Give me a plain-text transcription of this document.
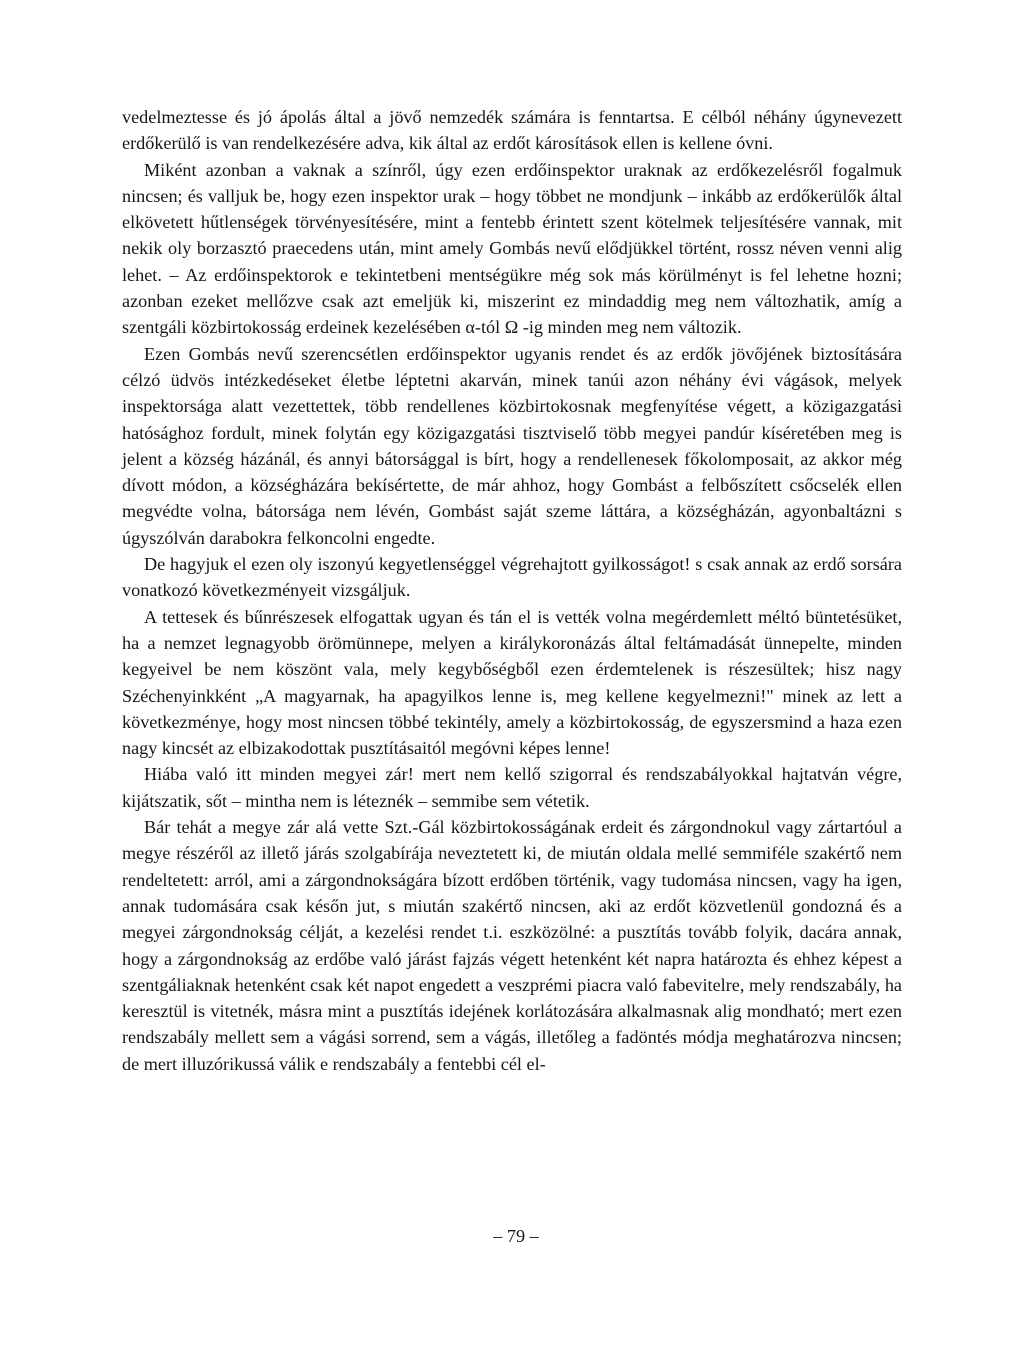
vedelmeztesse és jó ápolás által a jövő nemzedék számára is fenntartsa. E célból néhány úgynevezett erdőkerülő is van rendelkezésére adva, kik által az erdőt károsítások ellen is kellene óvni.

Miként azonban a vaknak a színről, úgy ezen erdőinspektor uraknak az erdőkezelésről fogalmuk nincsen; és valljuk be, hogy ezen inspektor urak – hogy többet ne mondjunk – inkább az erdőkerülők által elkövetett hűtlenségek törvényesítésére, mint a fentebb érintett szent kötelmek teljesítésére vannak, mit nekik oly borzasztó praecedens után, mint amely Gombás nevű elődjükkel történt, rossz néven venni alig lehet. – Az erdőinspektorok e tekintetbeni mentségükre még sok más körülményt is fel lehetne hozni; azonban ezeket mellőzve csak azt emeljük ki, miszerint ez mindaddig meg nem változhatik, amíg a szentgáli közbirtokosság erdeinek kezelésében α-tól Ω -ig minden meg nem változik.

Ezen Gombás nevű szerencsétlen erdőinspektor ugyanis rendet és az erdők jövőjének biztosítására célzó üdvös intézkedéseket életbe léptetni akarván, minek tanúi azon néhány évi vágások, melyek inspektorsága alatt vezettettek, több rendellenes közbirtokosnak megfenyítése végett, a közigazgatási hatósághoz fordult, minek folytán egy közigazgatási tisztviselő több megyei pandúr kíséretében meg is jelent a község házánál, és annyi bátorsággal is bírt, hogy a rendellenesek főkolomposait, az akkor még dívott módon, a községházára bekísértette, de már ahhoz, hogy Gombást a felbőszített csőcselék ellen megvédte volna, bátorsága nem lévén, Gombást saját szeme láttára, a községházán, agyonbaltázni s úgyszólván darabokra felkoncolni engedte.

De hagyjuk el ezen oly iszonyú kegyetlenséggel végrehajtott gyilkosságot! s csak annak az erdő sorsára vonatkozó következményeit vizsgáljuk.

A tettesek és bűnrészesek elfogattak ugyan és tán el is vették volna megérdemlett méltó büntetésüket, ha a nemzet legnagyobb örömünnepe, melyen a királykoronázás által feltámadását ünnepelte, minden kegyeivel be nem köszönt vala, mely kegybőségből ezen érdemtelenek is részesültek; hisz nagy Széchenyinkként „A magyarnak, ha apagyilkos lenne is, meg kellene kegyelmezni!" minek az lett a következménye, hogy most nincsen többé tekintély, amely a közbirtokosság, de egyszersmind a haza ezen nagy kincsét az elbizakodottak pusztításaitól megóvni képes lenne!

Hiába való itt minden megyei zár! mert nem kellő szigorral és rendszabályokkal hajtatván végre, kijátszatik, sőt – mintha nem is léteznék – semmibe sem vétetik.

Bár tehát a megye zár alá vette Szt.-Gál közbirtokosságának erdeit és zárgondnokul vagy zártartóul a megye részéről az illető járás szolgabírája neveztetett ki, de miután oldala mellé semmiféle szakértő nem rendeltetett: arról, ami a zárgondnokságára bízott erdőben történik, vagy tudomása nincsen, vagy ha igen, annak tudomására csak későn jut, s miután szakértő nincsen, aki az erdőt közvetlenül gondozná és a megyei zárgondnokság célját, a kezelési rendet t.i. eszközölné: a pusztítás tovább folyik, dacára annak, hogy a zárgondnokság az erdőbe való járást fajzás végett hetenként két napra határozta és ehhez képest a szentgáliaknak hetenként csak két napot engedett a veszprémi piacra való fabevitelre, mely rendszabály, ha keresztül is vitetnék, másra mint a pusztítás idejének korlátozására alkalmasnak alig mondható; mert ezen rendszabály mellett sem a vágási sorrend, sem a vágás, illetőleg a fadöntés módja meghatározva nincsen; de mert illuzórikussá válik e rendszabály a fentebbi cél el-

– 79 –
